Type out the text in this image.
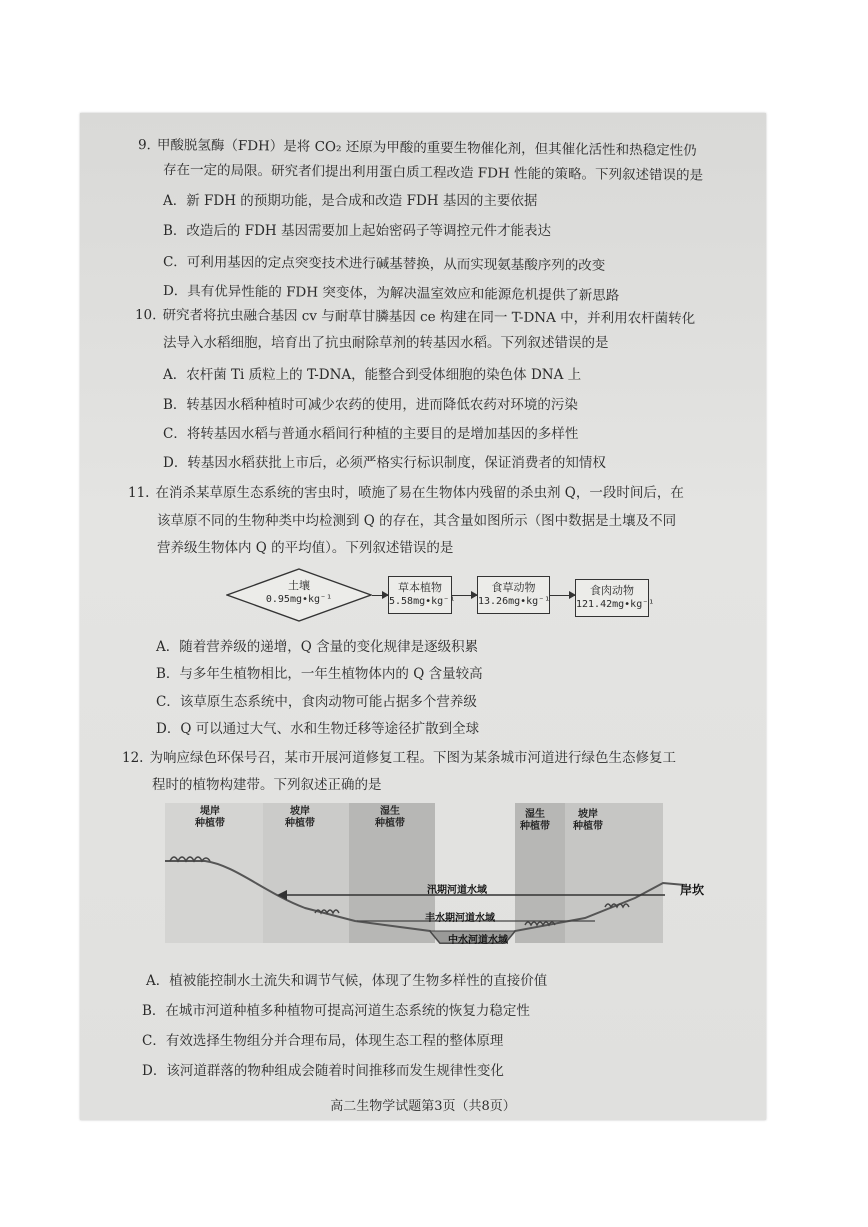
9. 甲酸脱氢酶（FDH）是将 CO₂ 还原为甲酸的重要生物催化剂，但其催化活性和热稳定性仍
存在一定的局限。研究者们提出利用蛋白质工程改造 FDH 性能的策略。下列叙述错误的是
A．新 FDH 的预期功能，是合成和改造 FDH 基因的主要依据
B．改造后的 FDH 基因需要加上起始密码子等调控元件才能表达
C．可利用基因的定点突变技术进行碱基替换，从而实现氨基酸序列的改变
D．具有优异性能的 FDH 突变体，为解决温室效应和能源危机提供了新思路
10. 研究者将抗虫融合基因 cv 与耐草甘膦基因 ce 构建在同一 T-DNA 中，并利用农杆菌转化
法导入水稻细胞，培育出了抗虫耐除草剂的转基因水稻。下列叙述错误的是
A．农杆菌 Ti 质粒上的 T-DNA，能整合到受体细胞的染色体 DNA 上
B．转基因水稻种植时可减少农药的使用，进而降低农药对环境的污染
C．将转基因水稻与普通水稻间行种植的主要目的是增加基因的多样性
D．转基因水稻获批上市后，必须严格实行标识制度，保证消费者的知情权
11. 在消杀某草原生态系统的害虫时，喷施了易在生物体内残留的杀虫剂 Q，一段时间后，在
该草原不同的生物种类中均检测到 Q 的存在，其含量如图所示（图中数据是土壤及不同
营养级生物体内 Q 的平均值）。下列叙述错误的是
土壤
0.95mg•kg⁻¹
草本植物
5.58mg•kg⁻¹
食草动物
13.26mg•kg⁻¹
食肉动物
121.42mg•kg⁻¹
A．随着营养级的递增，Q 含量的变化规律是逐级积累
B．与多年生植物相比，一年生植物体内的 Q 含量较高
C．该草原生态系统中，食肉动物可能占据多个营养级
D．Q 可以通过大气、水和生物迁移等途径扩散到全球
12. 为响应绿色环保号召，某市开展河道修复工程。下图为某条城市河道进行绿色生态修复工
程时的植物构建带。下列叙述正确的是
堤岸
种植带
坡岸
种植带
湿生
种植带
湿生
种植带
坡岸
种植带
汛期河道水域
丰水期河道水域
中水河道水域
岸坎
A．植被能控制水土流失和调节气候，体现了生物多样性的直接价值
B．在城市河道种植多种植物可提高河道生态系统的恢复力稳定性
C．有效选择生物组分并合理布局，体现生态工程的整体原理
D．该河道群落的物种组成会随着时间推移而发生规律性变化
高二生物学试题第3页（共8页）
